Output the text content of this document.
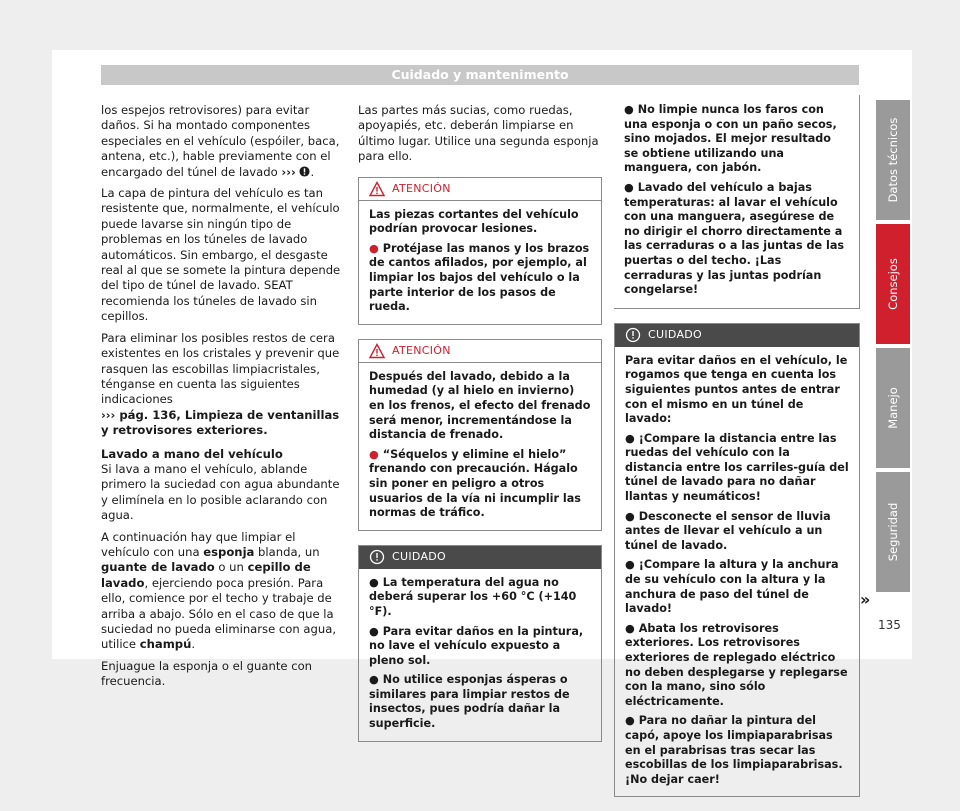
Cuidado y mantenimento

los espejos retrovisores) para evitar daños. Si ha montado componentes especiales en el vehículo (espóiler, baca, antena, etc.), hable previamente con el encargado del túnel de lavado ››› .

La capa de pintura del vehículo es tan resistente que, normalmente, el vehículo puede lavarse sin ningún tipo de problemas en los túneles de lavado automáticos. Sin embargo, el desgaste real al que se somete la pintura depende del tipo de túnel de lavado. SEAT recomienda los túneles de lavado sin cepillos.

Para eliminar los posibles restos de cera existentes en los cristales y prevenir que rasquen las escobillas limpiacristales, ténganse en cuenta las siguientes indicaciones
››› pág. 136, Limpieza de ventanillas y retrovisores exteriores.

Lavado a mano del vehículo

Si lava a mano el vehículo, ablande primero la suciedad con agua abundante y elimínela en lo posible aclarando con agua.

A continuación hay que limpiar el vehículo con una esponja blanda, un guante de lavado o un cepillo de lavado, ejerciendo poca presión. Para ello, comience por el techo y trabaje de arriba a abajo. Sólo en el caso de que la suciedad no pueda eliminarse con agua, utilice champú.

Enjuague la esponja o el guante con frecuencia.

Las partes más sucias, como ruedas, apoyapiés, etc. deberán limpiarse en último lugar. Utilice una segunda esponja para ello.

ATENCIÓN

Las piezas cortantes del vehículo podrían provocar lesiones.

● Protéjase las manos y los brazos de cantos afilados, por ejemplo, al limpiar los bajos del vehículo o la parte interior de los pasos de rueda.

ATENCIÓN

Después del lavado, debido a la humedad (y al hielo en invierno) en los frenos, el efecto del frenado será menor, incrementándose la distancia de frenado.

● “Séquelos y elimine el hielo” frenando con precaución. Hágalo sin poner en peligro a otros usuarios de la vía ni incumplir las normas de tráfico.

CUIDADO

● La temperatura del agua no deberá superar los +60 °C (+140 °F).

● Para evitar daños en la pintura, no lave el vehículo expuesto a pleno sol.

● No utilice esponjas ásperas o similares para limpiar restos de insectos, pues podría dañar la superficie.

● No limpie nunca los faros con una esponja o con un paño secos, sino mojados. El mejor resultado se obtiene utilizando una manguera, con jabón.

● Lavado del vehículo a bajas temperaturas: al lavar el vehículo con una manguera, asegúrese de no dirigir el chorro directamente a las cerraduras o a las juntas de las puertas o del techo. ¡Las cerraduras y las juntas podrían congelarse!

CUIDADO

Para evitar daños en el vehículo, le rogamos que tenga en cuenta los siguientes puntos antes de entrar con el mismo en un túnel de lavado:

● ¡Compare la distancia entre las ruedas del vehículo con la distancia entre los carriles-guía del túnel de lavado para no dañar llantas y neumáticos!

● Desconecte el sensor de lluvia antes de llevar el vehículo a un túnel de lavado.

● ¡Compare la altura y la anchura de su vehículo con la altura y la anchura de paso del túnel de lavado!

● Abata los retrovisores exteriores. Los retrovisores exteriores de replegado eléctrico no deben desplegarse y replegarse con la mano, sino sólo eléctricamente.

● Para no dañar la pintura del capó, apoye los limpiaparabrisas en el parabrisas tras secar las escobillas de los limpiaparabrisas. ¡No dejar caer!

»
Datos técnicos
Consejos
Manejo
Seguridad
135
